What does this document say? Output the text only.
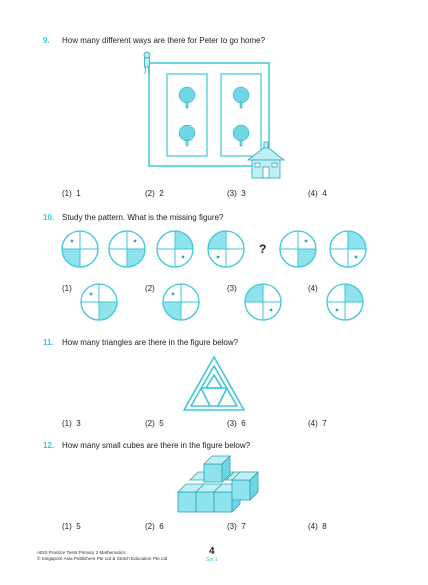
9. How many different ways are there for Peter to go home?
(1) 1	(2) 2	(3) 3	(4) 4
10. Study the pattern. What is the missing figure?
?
(1)	(2)	(3)	(4)
11. How many triangles are there in the figure below?
(1) 3	(2) 5	(3) 6	(4) 7
12. How many small cubes are there in the figure below?
(1) 5	(2) 6	(3) 7	(4) 8
AEIS Practice Tests Primary 2 Mathematics
© Singapore Asia Publishers Pte Ltd & Stotch Education Pte Ltd
4
Set 1
